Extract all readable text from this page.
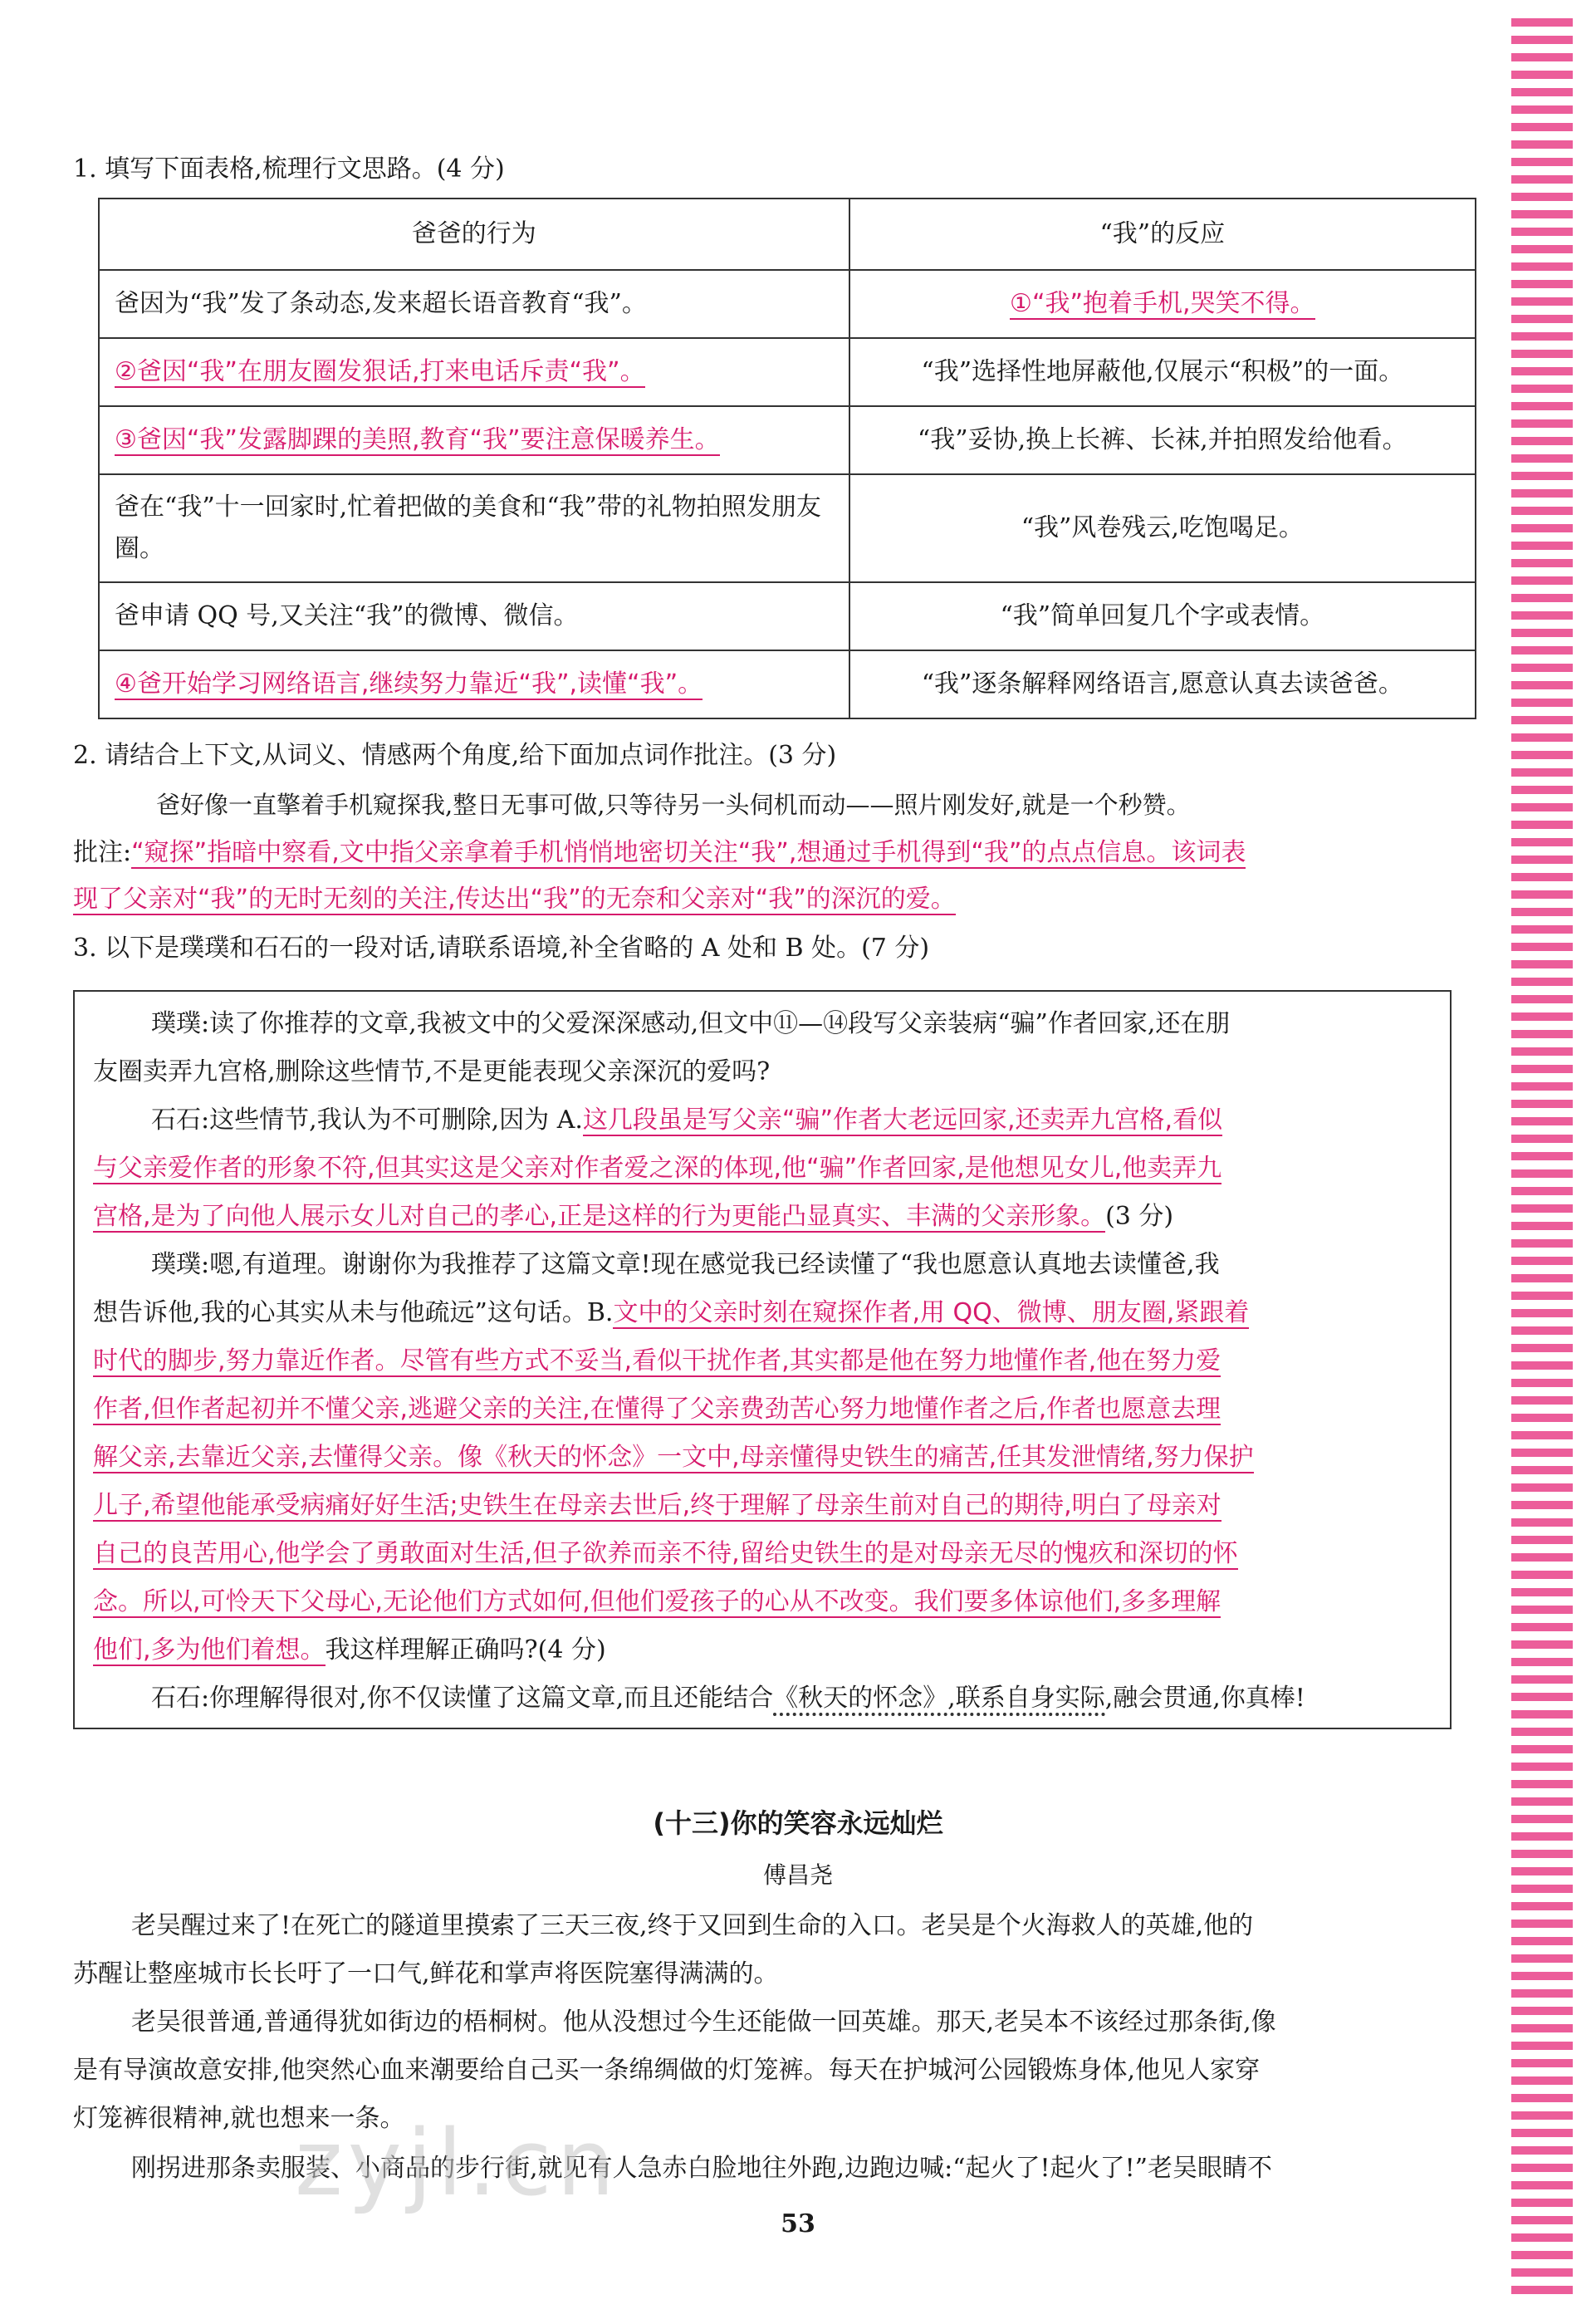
1. 填写下面表格,梳理行文思路。(4 分)
爸爸的行为	“我”的反应
爸因为“我”发了条动态,发来超长语音教育“我”。	①“我”抱着手机,哭笑不得。
②爸因“我”在朋友圈发狠话,打来电话斥责“我”。	“我”选择性地屏蔽他,仅展示“积极”的一面。
③爸因“我”发露脚踝的美照,教育“我”要注意保暖养生。	“我”妥协,换上长裤、长袜,并拍照发给他看。
爸在“我”十一回家时,忙着把做的美食和“我”带的礼物拍照发朋友圈。	“我”风卷残云,吃饱喝足。
爸申请 QQ 号,又关注“我”的微博、微信。	“我”简单回复几个字或表情。
④爸开始学习网络语言,继续努力靠近“我”,读懂“我”。	“我”逐条解释网络语言,愿意认真去读爸爸。
2. 请结合上下文,从词义、情感两个角度,给下面加点词作批注。(3 分)
爸好像一直擎着手机窥探我,整日无事可做,只等待另一头伺机而动——照片刚发好,就是一个秒赞。
批注:“窥探”指暗中察看,文中指父亲拿着手机悄悄地密切关注“我”,想通过手机得到“我”的点点信息。该词表
现了父亲对“我”的无时无刻的关注,传达出“我”的无奈和父亲对“我”的深沉的爱。
3. 以下是璞璞和石石的一段对话,请联系语境,补全省略的 A 处和 B 处。(7 分)
璞璞:读了你推荐的文章,我被文中的父爱深深感动,但文中⑪—⑭段写父亲装病“骗”作者回家,还在朋
友圈卖弄九宫格,删除这些情节,不是更能表现父亲深沉的爱吗?
石石:这些情节,我认为不可删除,因为 A.这几段虽是写父亲“骗”作者大老远回家,还卖弄九宫格,看似
与父亲爱作者的形象不符,但其实这是父亲对作者爱之深的体现,他“骗”作者回家,是他想见女儿,他卖弄九
宫格,是为了向他人展示女儿对自己的孝心,正是这样的行为更能凸显真实、丰满的父亲形象。(3 分)
璞璞:嗯,有道理。谢谢你为我推荐了这篇文章!现在感觉我已经读懂了“我也愿意认真地去读懂爸,我
想告诉他,我的心其实从未与他疏远”这句话。B.文中的父亲时刻在窥探作者,用 QQ、微博、朋友圈,紧跟着
时代的脚步,努力靠近作者。尽管有些方式不妥当,看似干扰作者,其实都是他在努力地懂作者,他在努力爱
作者,但作者起初并不懂父亲,逃避父亲的关注,在懂得了父亲费劲苦心努力地懂作者之后,作者也愿意去理
解父亲,去靠近父亲,去懂得父亲。像《秋天的怀念》一文中,母亲懂得史铁生的痛苦,任其发泄情绪,努力保护
儿子,希望他能承受病痛好好生活;史铁生在母亲去世后,终于理解了母亲生前对自己的期待,明白了母亲对
自己的良苦用心,他学会了勇敢面对生活,但子欲养而亲不待,留给史铁生的是对母亲无尽的愧疚和深切的怀
念。所以,可怜天下父母心,无论他们方式如何,但他们爱孩子的心从不改变。我们要多体谅他们,多多理解
他们,多为他们着想。我这样理解正确吗?(4 分)
石石:你理解得很对,你不仅读懂了这篇文章,而且还能结合《秋天的怀念》,联系自身实际,融会贯通,你真棒!
(十三)你的笑容永远灿烂
傅昌尧
老吴醒过来了!在死亡的隧道里摸索了三天三夜,终于又回到生命的入口。老吴是个火海救人的英雄,他的
苏醒让整座城市长长吁了一口气,鲜花和掌声将医院塞得满满的。
老吴很普通,普通得犹如街边的梧桐树。他从没想过今生还能做一回英雄。那天,老吴本不该经过那条街,像
是有导演故意安排,他突然心血来潮要给自己买一条绵绸做的灯笼裤。每天在护城河公园锻炼身体,他见人家穿
灯笼裤很精神,就也想来一条。
刚拐进那条卖服装、小商品的步行街,就见有人急赤白脸地往外跑,边跑边喊:“起火了!起火了!”老吴眼睛不
zyjl.cn
53
